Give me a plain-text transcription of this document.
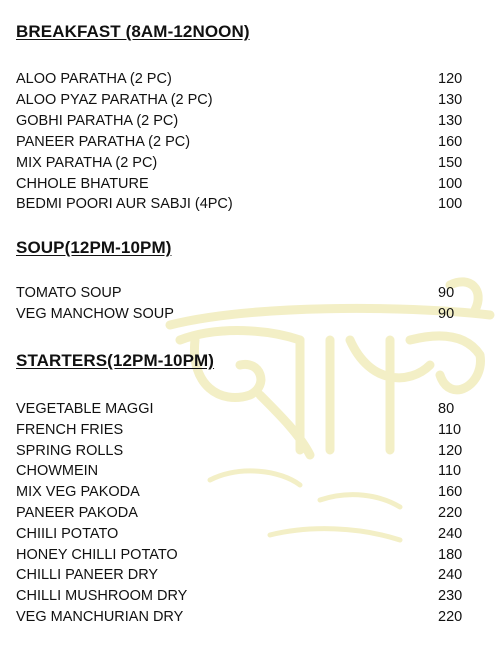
BREAKFAST (8AM-12NOON)
ALOO PARATHA (2 PC)	120
ALOO PYAZ PARATHA (2 PC)	130
GOBHI PARATHA (2 PC)	130
PANEER PARATHA (2 PC)	160
MIX PARATHA (2 PC)	150
CHHOLE BHATURE	100
BEDMI POORI AUR SABJI (4PC)	100
SOUP(12PM-10PM)
TOMATO SOUP	90
VEG MANCHOW SOUP	90
STARTERS(12PM-10PM)
VEGETABLE MAGGI	80
FRENCH FRIES	110
SPRING ROLLS	120
CHOWMEIN	110
MIX VEG PAKODA	160
PANEER PAKODA	220
CHIILI POTATO	240
HONEY CHILLI POTATO	180
CHILLI PANEER DRY	240
CHILLI MUSHROOM DRY	230
VEG MANCHURIAN DRY	220
